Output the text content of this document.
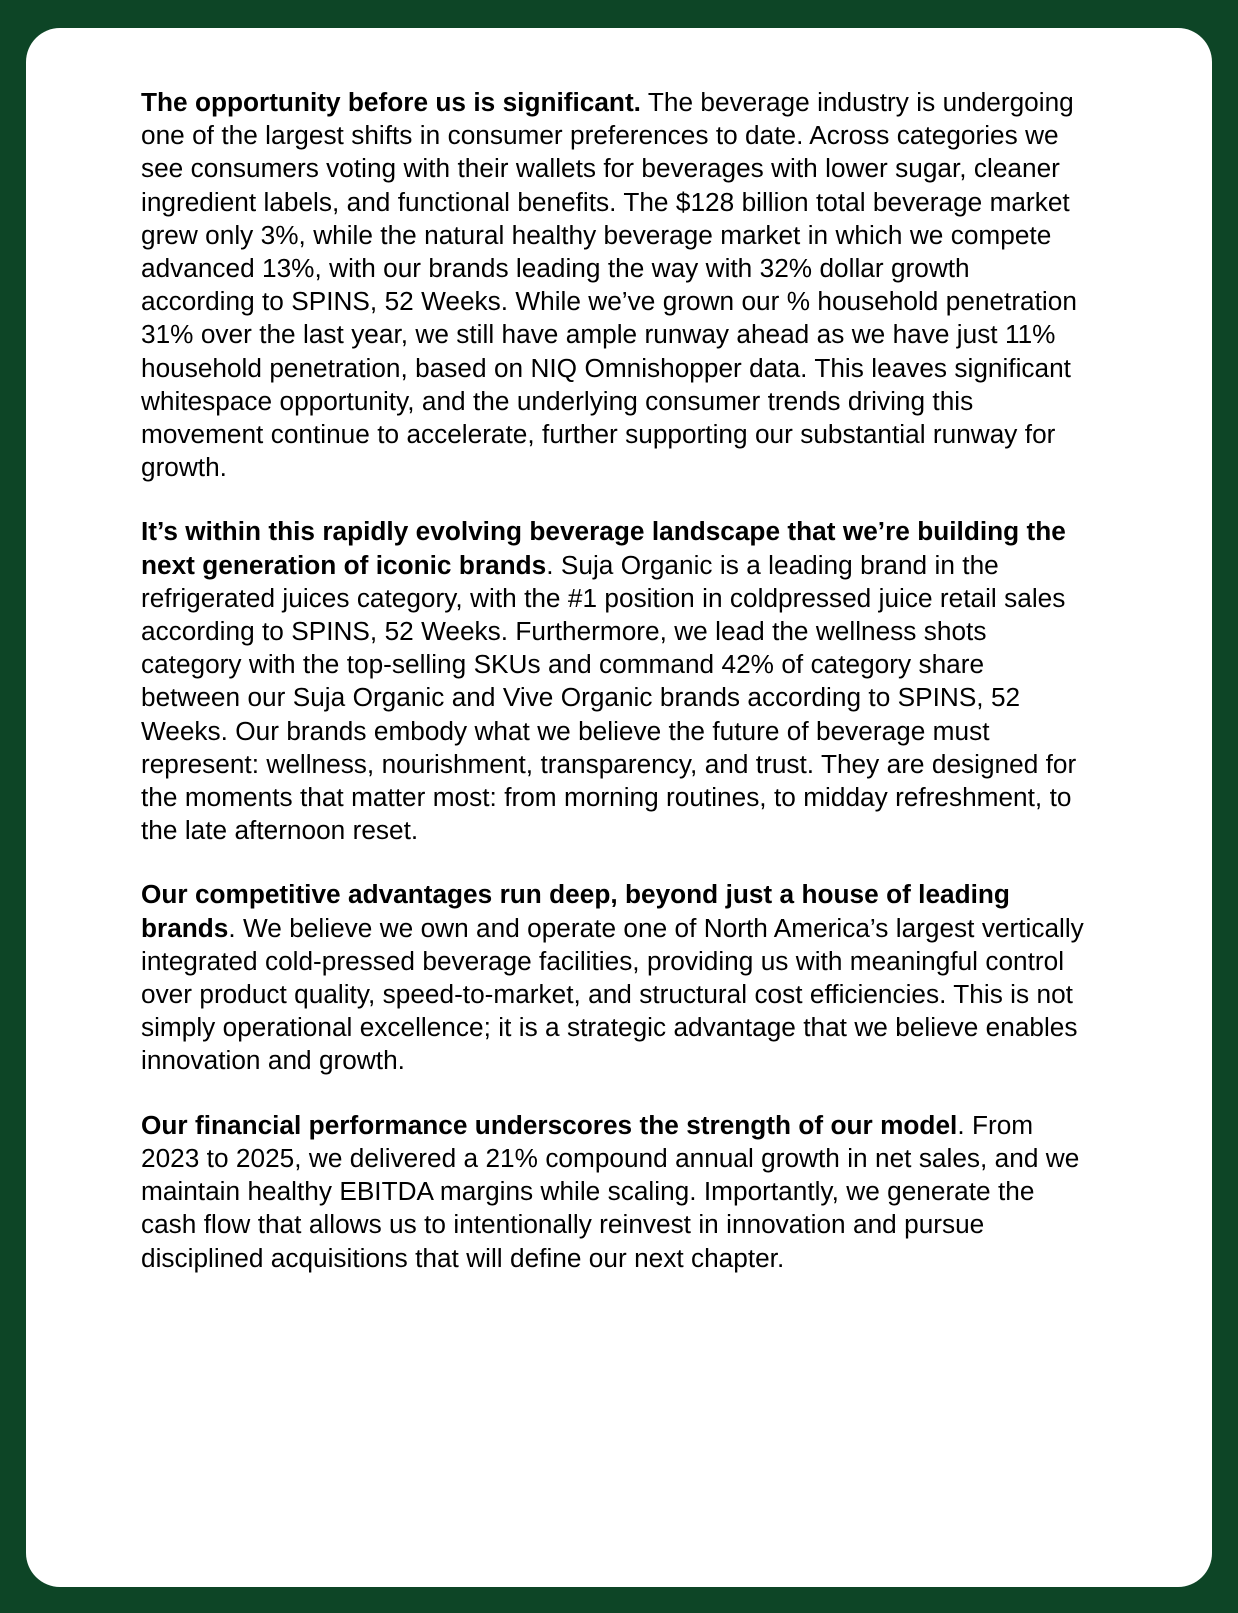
The opportunity before us is significant. The beverage industry is undergoing one of the largest shifts in consumer preferences to date. Across categories we see consumers voting with their wallets for beverages with lower sugar, cleaner ingredient labels, and functional benefits. The $128 billion total beverage market grew only 3%, while the natural healthy beverage market in which we compete advanced 13%, with our brands leading the way with 32% dollar growth according to SPINS, 52 Weeks. While we’ve grown our % household penetration 31% over the last year, we still have ample runway ahead as we have just 11% household penetration, based on NIQ Omnishopper data. This leaves significant whitespace opportunity, and the underlying consumer trends driving this movement continue to accelerate, further supporting our substantial runway for growth.

It’s within this rapidly evolving beverage landscape that we’re building the next generation of iconic brands. Suja Organic is a leading brand in the refrigerated juices category, with the #1 position in coldpressed juice retail sales according to SPINS, 52 Weeks. Furthermore, we lead the wellness shots category with the top-selling SKUs and command 42% of category share between our Suja Organic and Vive Organic brands according to SPINS, 52 Weeks. Our brands embody what we believe the future of beverage must represent: wellness, nourishment, transparency, and trust. They are designed for the moments that matter most: from morning routines, to midday refreshment, to the late afternoon reset.

Our competitive advantages run deep, beyond just a house of leading brands. We believe we own and operate one of North America’s largest vertically integrated cold-pressed beverage facilities, providing us with meaningful control over product quality, speed-to-market, and structural cost efficiencies. This is not simply operational excellence; it is a strategic advantage that we believe enables innovation and growth.

Our financial performance underscores the strength of our model. From 2023 to 2025, we delivered a 21% compound annual growth in net sales, and we maintain healthy EBITDA margins while scaling. Importantly, we generate the cash flow that allows us to intentionally reinvest in innovation and pursue disciplined acquisitions that will define our next chapter.
